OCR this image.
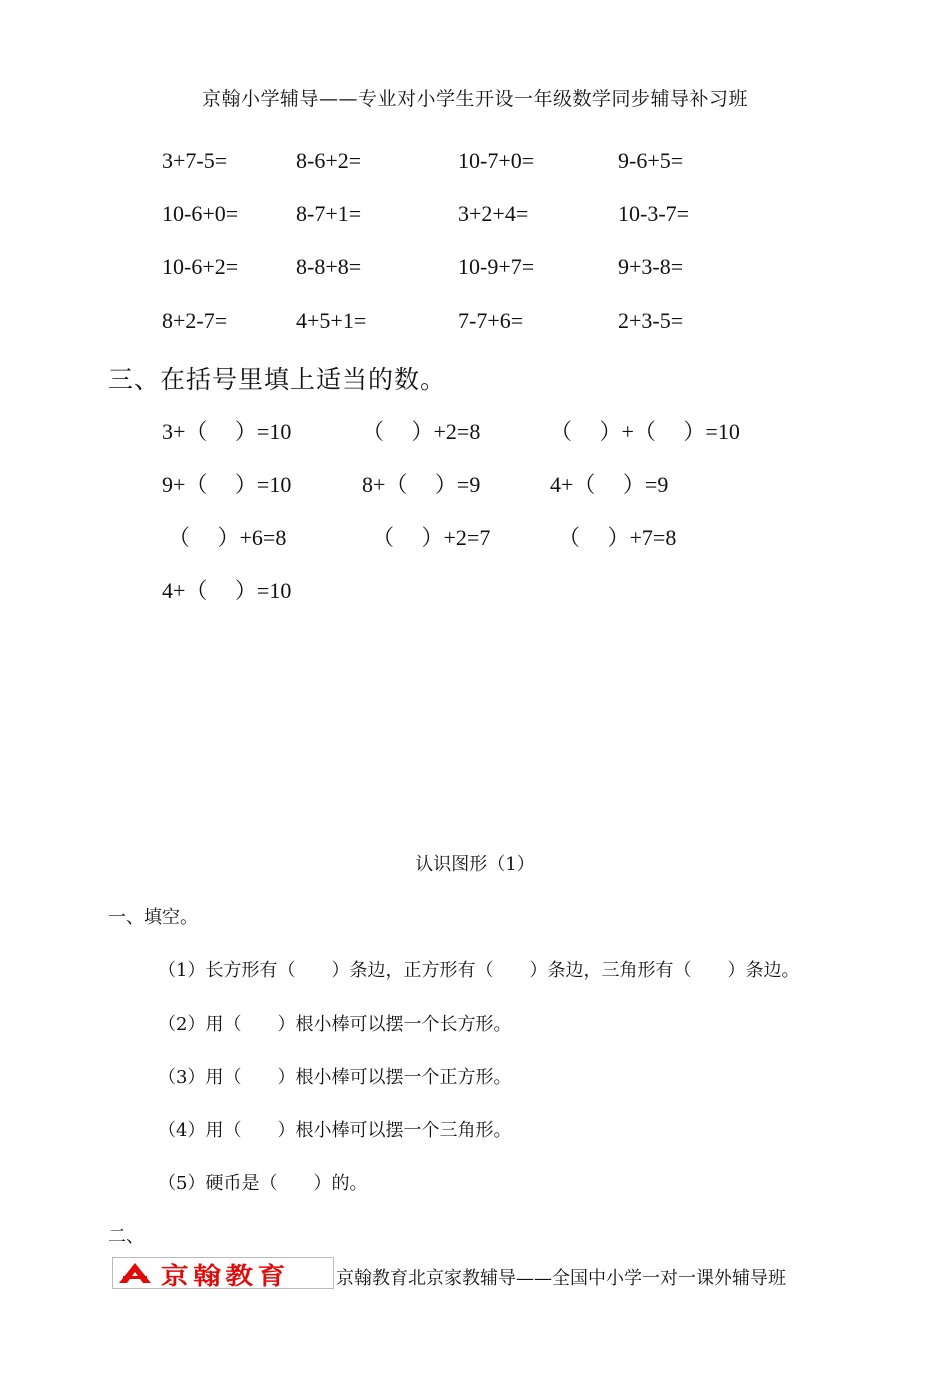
京翰小学辅导——专业对小学生开设一年级数学同步辅导补习班
3+7-5=	8-6+2=	10-7+0=	9-6+5=
10-6+0=	8-7+1=	3+2+4=	10-3-7=
10-6+2=	8-8+8=	10-9+7=	9+3-8=
8+2-7=	4+5+1=	7-7+6=	2+3-5=
三、在括号里填上适当的数。
3+（　 ）=10	（　 ）+2=8	（　 ）+（　 ）=10
9+（　 ）=10	8+（　 ）=9	4+（　 ）=9
（　 ）+6=8	（　 ）+2=7	（　 ）+7=8
4+（　 ）=10
认识图形（1）
一、填空。
（1）长方形有（　　）条边，正方形有（　　）条边，三角形有（　　）条边。
（2）用（　　）根小棒可以摆一个长方形。
（3）用（　　）根小棒可以摆一个正方形。
（4）用（　　）根小棒可以摆一个三角形。
（5）硬币是（　　）的。
二、
京翰教育	京翰教育北京家教辅导——全国中小学一对一课外辅导班
